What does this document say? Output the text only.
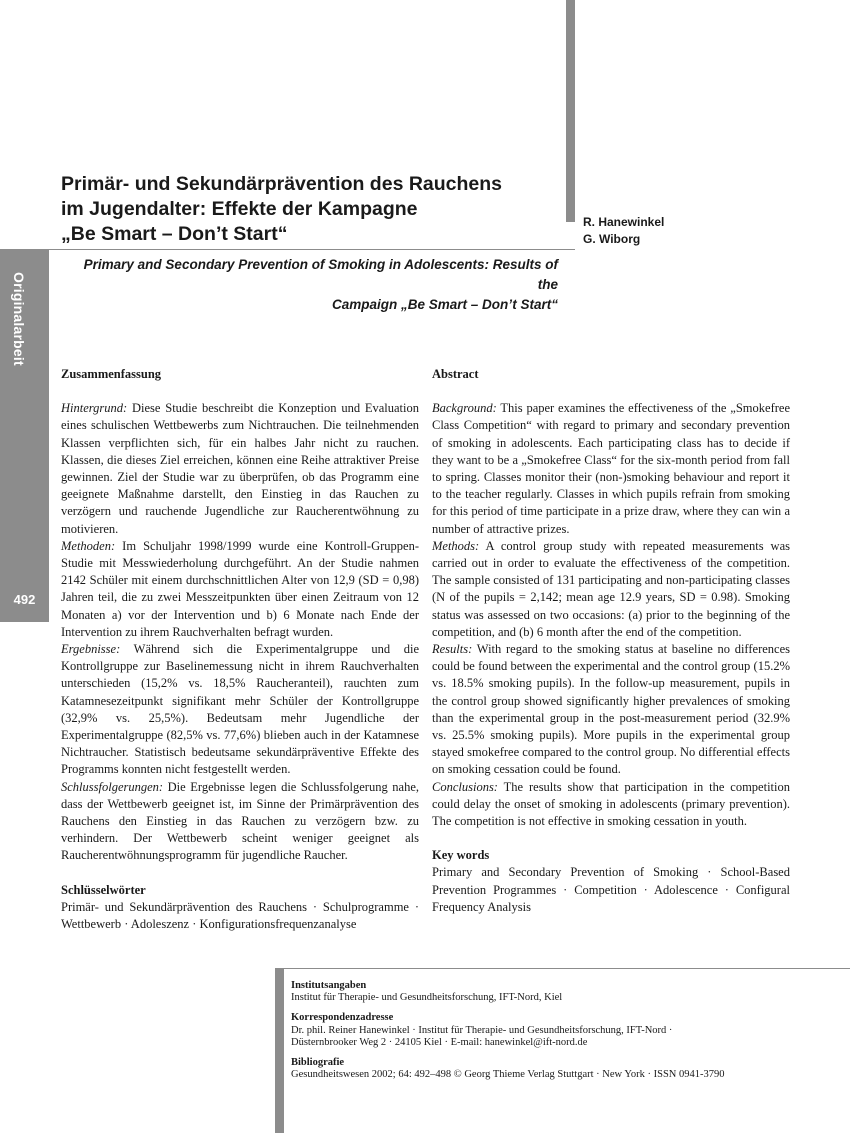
Originalarbeit
492
Primär- und Sekundärprävention des Rauchens
im Jugendalter: Effekte der Kampagne
„Be Smart – Don’t Start“
R. Hanewinkel
G. Wiborg
Primary and Secondary Prevention of Smoking in Adolescents: Results of the
Campaign „Be Smart – Don’t Start“
Zusammenfassung

Hintergrund: Diese Studie beschreibt die Konzeption und Evaluation eines schulischen Wettbewerbs zum Nichtrauchen. Die teilnehmenden Klassen verpflichten sich, für ein halbes Jahr nicht zu rauchen. Klassen, die dieses Ziel erreichen, können eine Reihe attraktiver Preise gewinnen. Ziel der Studie war zu überprüfen, ob das Programm eine geeignete Maßnahme darstellt, den Einstieg in das Rauchen zu verzögern und rauchende Jugendliche zur Raucherentwöhnung zu motivieren.

Methoden: Im Schuljahr 1998/1999 wurde eine Kontroll-Gruppen-Studie mit Messwiederholung durchgeführt. An der Studie nahmen 2142 Schüler mit einem durchschnittlichen Alter von 12,9 (SD = 0,98) Jahren teil, die zu zwei Messzeitpunkten über einen Zeitraum von 12 Monaten a) vor der Intervention und b) 6 Monate nach Ende der Intervention zu ihrem Rauchverhalten befragt wurden.

Ergebnisse: Während sich die Experimentalgruppe und die Kontrollgruppe zur Baselinemessung nicht in ihrem Rauchverhalten unterschieden (15,2% vs. 18,5% Raucheranteil), rauchten zum Katamnesezeitpunkt signifikant mehr Schüler der Kontrollgruppe (32,9% vs. 25,5%). Bedeutsam mehr Jugendliche der Experimentalgruppe (82,5% vs. 77,6%) blieben auch in der Katamnese Nichtraucher. Statistisch bedeutsame sekundärpräventive Effekte des Programms konnten nicht festgestellt werden.

Schlussfolgerungen: Die Ergebnisse legen die Schlussfolgerung nahe, dass der Wettbewerb geeignet ist, im Sinne der Primärprävention des Rauchens den Einstieg in das Rauchen zu verzögern bzw. zu verhindern. Der Wettbewerb scheint weniger geeignet als Raucherentwöhnungsprogramm für jugendliche Raucher.

Schlüsselwörter

Primär- und Sekundärprävention des Rauchens · Schulprogramme · Wettbewerb · Adoleszenz · Konfigurationsfrequenzanalyse

Abstract

Background: This paper examines the effectiveness of the „Smokefree Class Competition“ with regard to primary and secondary prevention of smoking in adolescents. Each participating class has to decide if they want to be a „Smokefree Class“ for the six-month period from fall to spring. Classes monitor their (non-)smoking behaviour and report it to the teacher regularly. Classes in which pupils refrain from smoking for this period of time participate in a prize draw, where they can win a number of attractive prizes.

Methods: A control group study with repeated measurements was carried out in order to evaluate the effectiveness of the competition. The sample consisted of 131 participating and non-participating classes (N of the pupils = 2,142; mean age 12.9 years, SD = 0.98). Smoking status was assessed on two occasions: (a) prior to the beginning of the competition, and (b) 6 month after the end of the competition.

Results: With regard to the smoking status at baseline no differences could be found between the experimental and the control group (15.2% vs. 18.5% smoking pupils). In the follow-up measurement, pupils in the control group showed significantly higher prevalences of smoking than the experimental group in the post-measurement period (32.9% vs. 25.5% smoking pupils). More pupils in the experimental group stayed smokefree compared to the control group. No differential effects on smoking cessation could be found.

Conclusions: The results show that participation in the competition could delay the onset of smoking in adolescents (primary prevention). The competition is not effective in smoking cessation in youth.

Key words

Primary and Secondary Prevention of Smoking · School-Based Prevention Programmes · Competition · Adolescence · Configural Frequency Analysis

Institutsangaben
Institut für Therapie- und Gesundheitsforschung, IFT-Nord, Kiel
Korrespondenzadresse
Dr. phil. Reiner Hanewinkel · Institut für Therapie- und Gesundheitsforschung, IFT-Nord ·
Düsternbrooker Weg 2 · 24105 Kiel · E-mail: hanewinkel@ift-nord.de
Bibliografie
Gesundheitswesen 2002; 64: 492–498 © Georg Thieme Verlag Stuttgart · New York · ISSN 0941-3790
